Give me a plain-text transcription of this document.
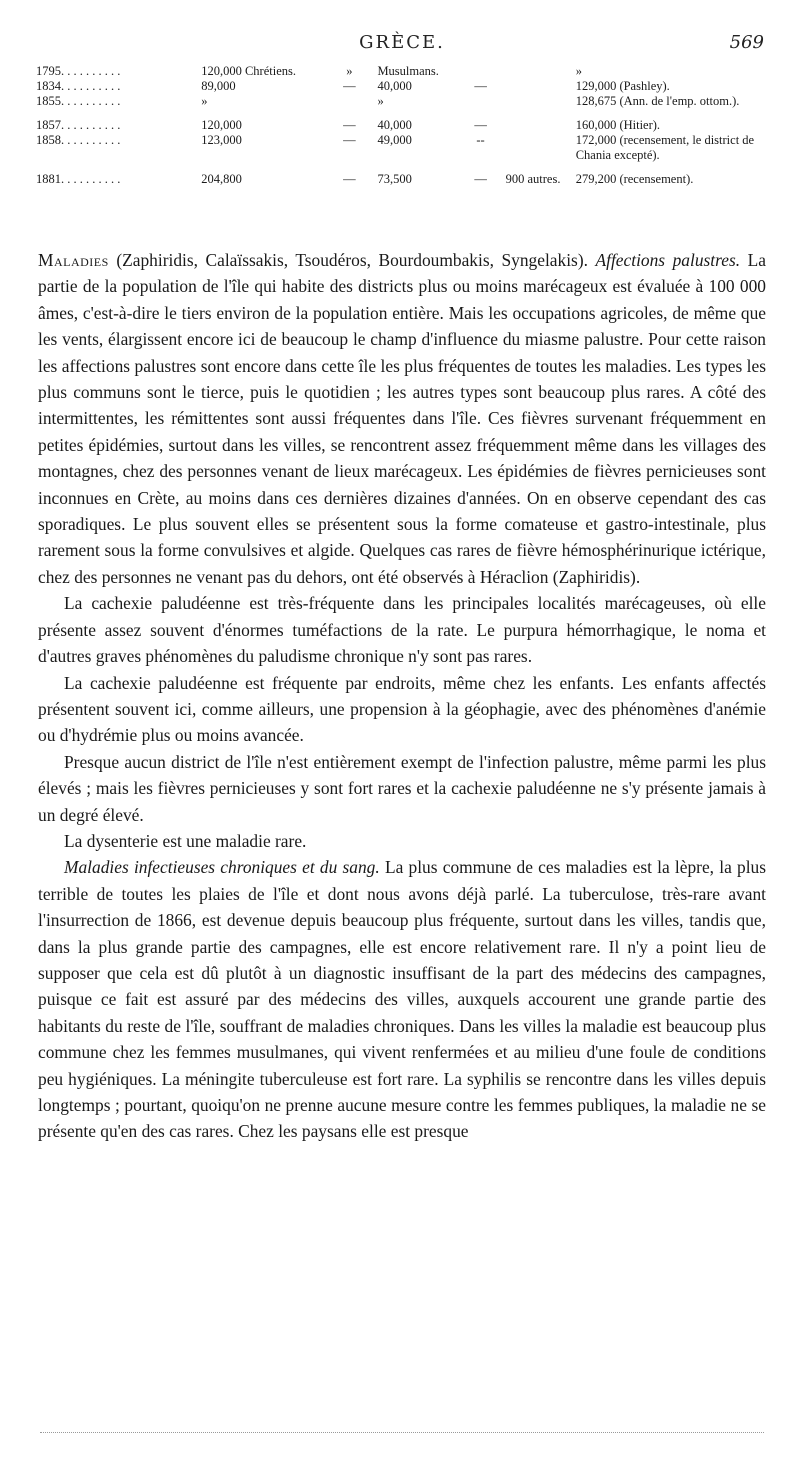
GRÈCE.	569
1795. . . . . . . . . .	120,000 Chrétiens.	»	Musulmans.			»
1834. . . . . . . . . .	89,000	—	40,000	—		129,000 (Pashley).
1855. . . . . . . . . .	»		»			128,675 (Ann. de l'emp. ottom.).
1857. . . . . . . . . .	120,000	—	40,000	—		160,000 (Hitier).
1858. . . . . . . . . .	123,000	—	49,000	--		172,000 (recensement, le district de Chania excepté).
1881. . . . . . . . . .	204,800	—	73,500	—	900 autres.	279,200 (recensement).

Maladies (Zaphiridis, Calaïssakis, Tsoudéros, Bourdoumbakis, Syngelakis). Affections palustres. La partie de la population de l'île qui habite des districts plus ou moins marécageux est évaluée à 100 000 âmes, c'est-à-dire le tiers environ de la population entière. Mais les occupations agricoles, de même que les vents, élargissent encore ici de beaucoup le champ d'influence du miasme palustre. Pour cette raison les affections palustres sont encore dans cette île les plus fréquentes de toutes les maladies. Les types les plus communs sont le tierce, puis le quotidien ; les autres types sont beaucoup plus rares. A côté des intermittentes, les rémittentes sont aussi fréquentes dans l'île. Ces fièvres survenant fréquemment en petites épidémies, surtout dans les villes, se rencontrent assez fréquemment même dans les villages des montagnes, chez des personnes venant de lieux marécageux. Les épidémies de fièvres pernicieuses sont inconnues en Crète, au moins dans ces dernières dizaines d'années. On en observe cependant des cas sporadiques. Le plus souvent elles se présentent sous la forme comateuse et gastro-intestinale, plus rarement sous la forme convulsives et algide. Quelques cas rares de fièvre hémosphérinurique ictérique, chez des personnes ne venant pas du dehors, ont été observés à Héraclion (Zaphiridis).

La cachexie paludéenne est très-fréquente dans les principales localités marécageuses, où elle présente assez souvent d'énormes tuméfactions de la rate. Le purpura hémorrhagique, le noma et d'autres graves phénomènes du paludisme chronique n'y sont pas rares.

La cachexie paludéenne est fréquente par endroits, même chez les enfants. Les enfants affectés présentent souvent ici, comme ailleurs, une propension à la géophagie, avec des phénomènes d'anémie ou d'hydrémie plus ou moins avancée.

Presque aucun district de l'île n'est entièrement exempt de l'infection palustre, même parmi les plus élevés ; mais les fièvres pernicieuses y sont fort rares et la cachexie paludéenne ne s'y présente jamais à un degré élevé.

La dysenterie est une maladie rare.

Maladies infectieuses chroniques et du sang. La plus commune de ces maladies est la lèpre, la plus terrible de toutes les plaies de l'île et dont nous avons déjà parlé. La tuberculose, très-rare avant l'insurrection de 1866, est devenue depuis beaucoup plus fréquente, surtout dans les villes, tandis que, dans la plus grande partie des campagnes, elle est encore relativement rare. Il n'y a point lieu de supposer que cela est dû plutôt à un diagnostic insuffisant de la part des médecins des campagnes, puisque ce fait est assuré par des médecins des villes, auxquels accourent une grande partie des habitants du reste de l'île, souffrant de maladies chroniques. Dans les villes la maladie est beaucoup plus commune chez les femmes musulmanes, qui vivent renfermées et au milieu d'une foule de conditions peu hygiéniques. La méningite tuberculeuse est fort rare. La syphilis se rencontre dans les villes depuis longtemps ; pourtant, quoiqu'on ne prenne aucune mesure contre les femmes publiques, la maladie ne se présente qu'en des cas rares. Chez les paysans elle est presque
